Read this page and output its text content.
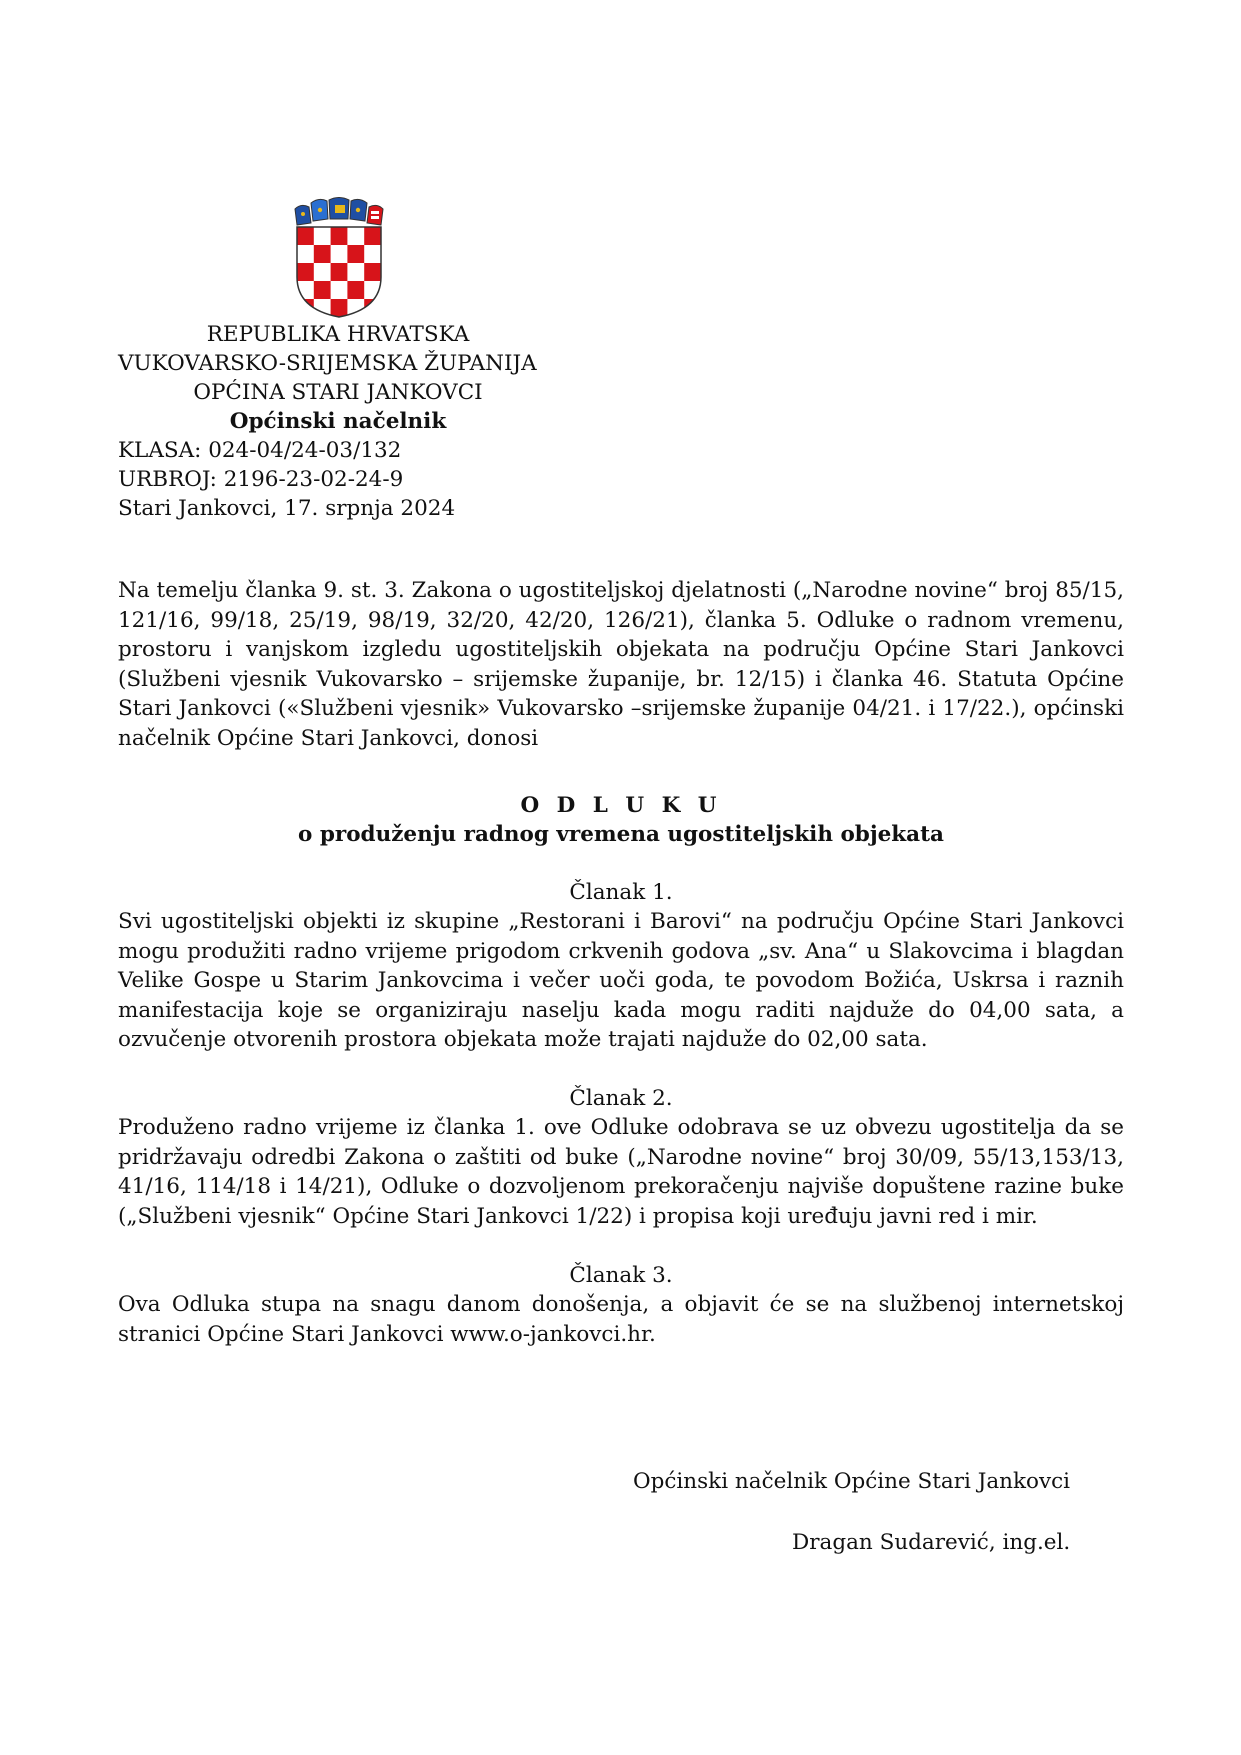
REPUBLIKA HRVATSKA
VUKOVARSKO-SRIJEMSKA ŽUPANIJA
OPĆINA STARI JANKOVCI
Općinski načelnik
KLASA: 024-04/24-03/132
URBROJ: 2196-23-02-24-9
Stari Jankovci, 17. srpnja 2024
Na temelju članka 9. st. 3. Zakona o ugostiteljskoj djelatnosti („Narodne novine“ broj 85/15, 121/16, 99/18, 25/19, 98/19, 32/20, 42/20, 126/21), članka 5. Odluke o radnom vremenu, prostoru i vanjskom izgledu ugostiteljskih objekata na području Općine Stari Jankovci (Službeni vjesnik Vukovarsko – srijemske županije, br. 12/15) i članka 46. Statuta Općine Stari Jankovci («Službeni vjesnik» Vukovarsko –srijemske županije 04/21. i 17/22.), općinski načelnik Općine Stari Jankovci, donosi
O D L U K U
o produženju radnog vremena ugostiteljskih objekata
Članak 1.
Svi ugostiteljski objekti iz skupine „Restorani i Barovi“ na području Općine Stari Jankovci mogu produžiti radno vrijeme prigodom crkvenih godova „sv. Ana“ u Slakovcima i blagdan Velike Gospe u Starim Jankovcima i večer uoči goda, te povodom Božića, Uskrsa i raznih manifestacija koje se organiziraju naselju kada mogu raditi najduže do 04,00 sata, a ozvučenje otvorenih prostora objekata može trajati najduže do 02,00 sata.
Članak 2.
Produženo radno vrijeme iz članka 1. ove Odluke odobrava se uz obvezu ugostitelja da se pridržavaju odredbi Zakona o zaštiti od buke („Narodne novine“ broj 30/09, 55/13,153/13, 41/16, 114/18 i 14/21), Odluke o dozvoljenom prekoračenju najviše dopuštene razine buke („Službeni vjesnik“ Općine Stari Jankovci 1/22) i propisa koji uređuju javni red i mir.
Članak 3.
Ova Odluka stupa na snagu danom donošenja, a objavit će se na službenoj internetskoj stranici Općine Stari Jankovci www.o-jankovci.hr.
Općinski načelnik Općine Stari Jankovci
Dragan Sudarević, ing.el.
